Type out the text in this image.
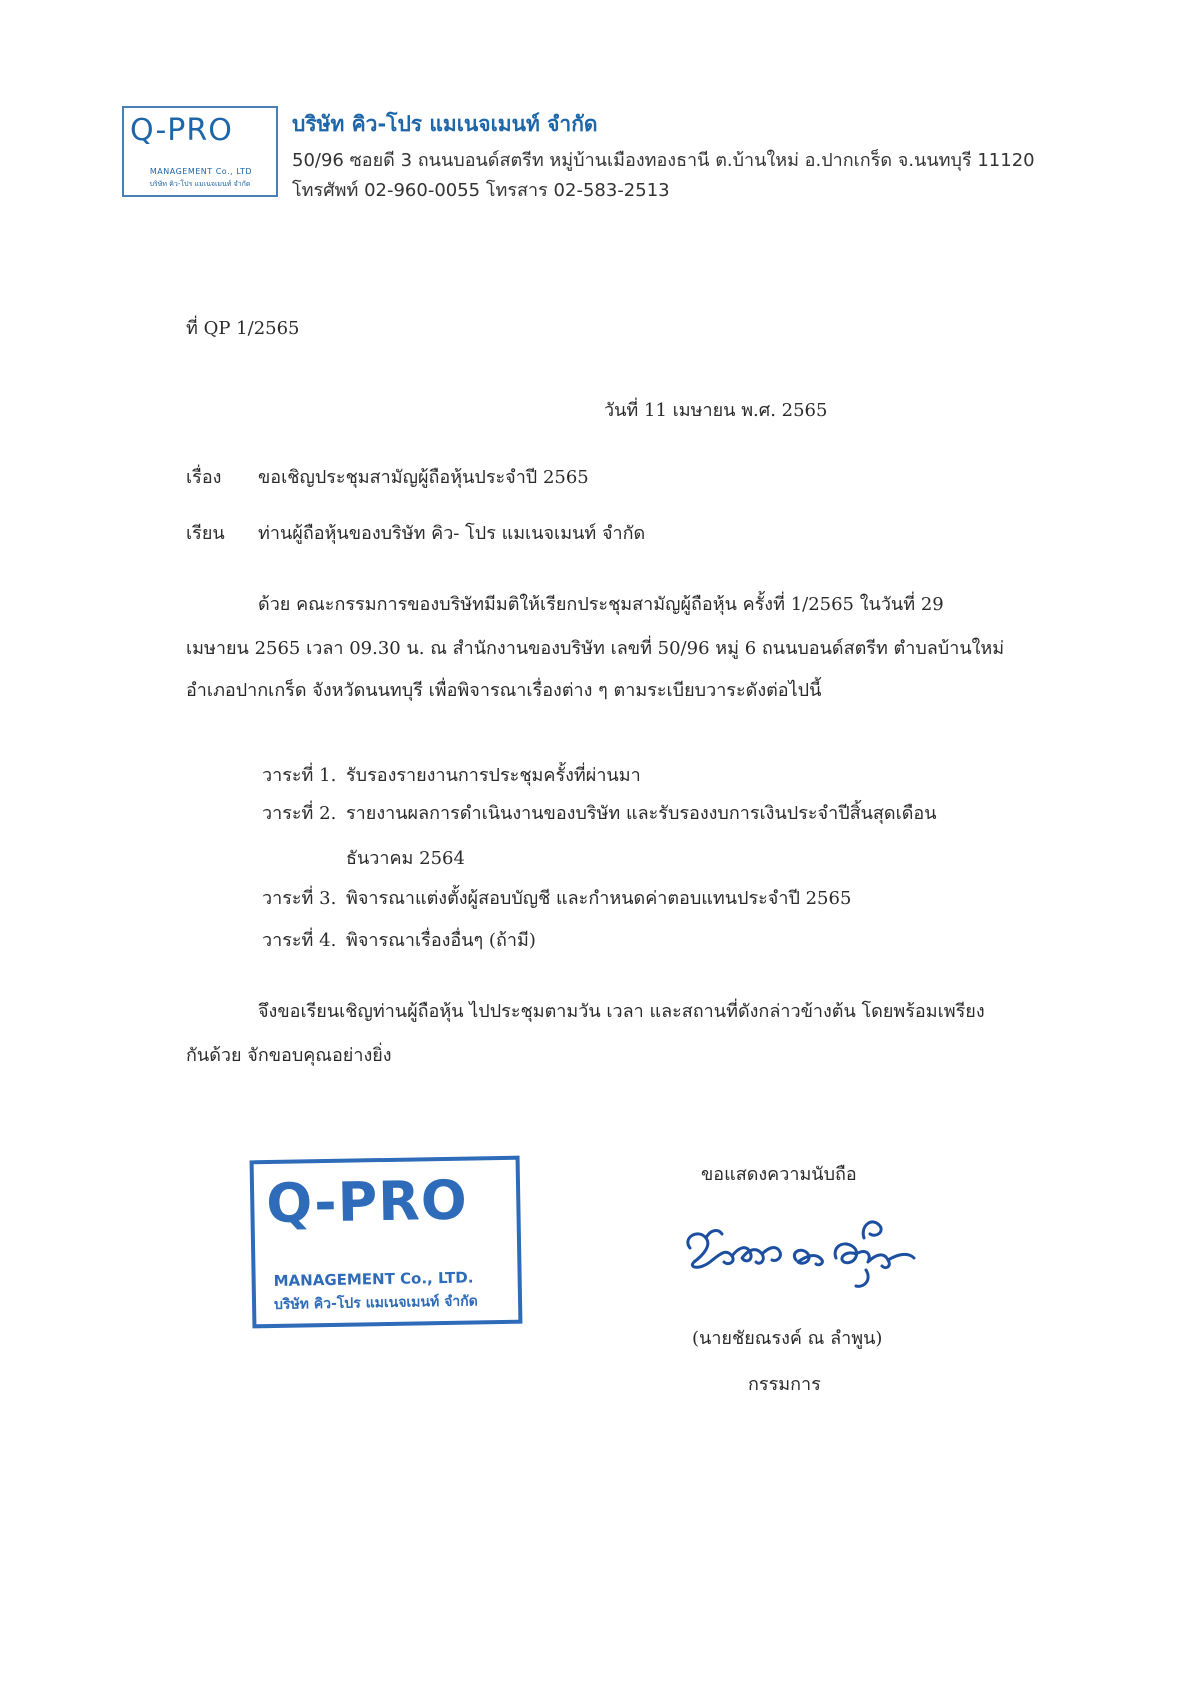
Q-PRO
MANAGEMENT Co., LTD
บริษัท คิว-โปร แมเนจเมนท์ จำกัด
บริษัท คิว-โปร แมเนจเมนท์ จำกัด
50/96 ซอยดี 3 ถนนบอนด์สตรีท หมู่บ้านเมืองทองธานี ต.บ้านใหม่ อ.ปากเกร็ด จ.นนทบุรี 11120
โทรศัพท์ 02-960-0055 โทรสาร 02-583-2513
ที่ QP 1/2565
วันที่ 11 เมษายน พ.ศ. 2565
เรื่อง ขอเชิญประชุมสามัญผู้ถือหุ้นประจำปี 2565
เรียน ท่านผู้ถือหุ้นของบริษัท คิว- โปร แมเนจเมนท์ จำกัด
ด้วย คณะกรรมการของบริษัทมีมติให้เรียกประชุมสามัญผู้ถือหุ้น ครั้งที่ 1/2565 ในวันที่ 29
เมษายน 2565 เวลา 09.30 น. ณ สำนักงานของบริษัท เลขที่ 50/96 หมู่ 6 ถนนบอนด์สตรีท ตำบลบ้านใหม่
อำเภอปากเกร็ด จังหวัดนนทบุรี เพื่อพิจารณาเรื่องต่าง ๆ ตามระเบียบวาระดังต่อไปนี้
วาระที่ 1. รับรองรายงานการประชุมครั้งที่ผ่านมา
วาระที่ 2. รายงานผลการดำเนินงานของบริษัท และรับรองงบการเงินประจำปีสิ้นสุดเดือน
ธันวาคม 2564
วาระที่ 3. พิจารณาแต่งตั้งผู้สอบบัญชี และกำหนดค่าตอบแทนประจำปี 2565
วาระที่ 4. พิจารณาเรื่องอื่นๆ (ถ้ามี)
จึงขอเรียนเชิญท่านผู้ถือหุ้น ไปประชุมตามวัน เวลา และสถานที่ดังกล่าวข้างต้น โดยพร้อมเพรียง
กันด้วย จักขอบคุณอย่างยิ่ง
Q-PRO
MANAGEMENT Co., LTD.
บริษัท คิว-โปร แมเนจเมนท์ จำกัด
ขอแสดงความนับถือ
(นายชัยณรงค์ ณ ลำพูน)
กรรมการ
